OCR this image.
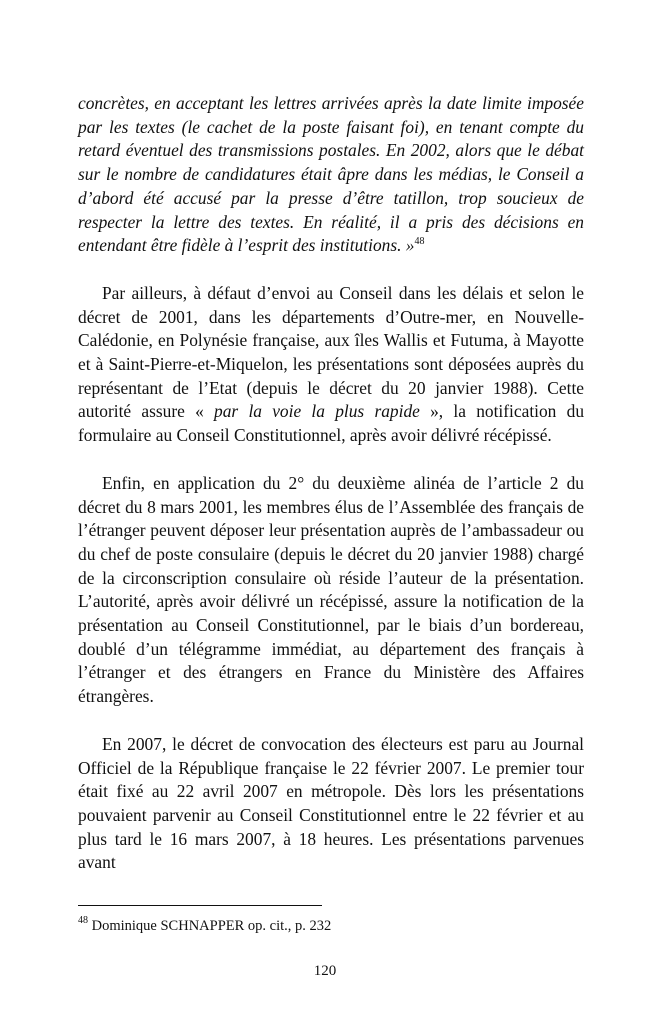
concrètes, en acceptant les lettres arrivées après la date limite imposée par les textes (le cachet de la poste faisant foi), en tenant compte du retard éventuel des transmissions postales. En 2002, alors que le débat sur le nombre de candidatures était âpre dans les médias, le Conseil a d’abord été accusé par la presse d’être tatillon, trop soucieux de respecter la lettre des textes. En réalité, il a pris des décisions en entendant être fidèle à l’esprit des institutions. »$^{48}$

Par ailleurs, à défaut d’envoi au Conseil dans les délais et selon le décret de 2001, dans les départements d’Outre-mer, en Nouvelle-Calédonie, en Polynésie française, aux îles Wallis et Futuma, à Mayotte et à Saint-Pierre-et-Miquelon, les présentations sont déposées auprès du représentant de l’Etat (depuis le décret du 20 janvier 1988). Cette autorité assure « par la voie la plus rapide », la notification du formulaire au Conseil Constitutionnel, après avoir délivré récépissé.

Enfin, en application du 2° du deuxième alinéa de l’article 2 du décret du 8 mars 2001, les membres élus de l’Assemblée des français de l’étranger peuvent déposer leur présentation auprès de l’ambassadeur ou du chef de poste consulaire (depuis le décret du 20 janvier 1988) chargé de la circonscription consulaire où réside l’auteur de la présentation. L’autorité, après avoir délivré un récépissé, assure la notification de la présentation au Conseil Constitutionnel, par le biais d’un bordereau, doublé d’un télégramme immédiat, au département des français à l’étranger et des étrangers en France du Ministère des Affaires étrangères.

En 2007, le décret de convocation des électeurs est paru au Journal Officiel de la République française le 22 février 2007. Le premier tour était fixé au 22 avril 2007 en métropole. Dès lors les présentations pouvaient parvenir au Conseil Constitutionnel entre le 22 février et au plus tard le 16 mars 2007, à 18 heures. Les présentations parvenues avant

$^{48}$ Dominique SCHNAPPER op. cit., p. 232
120
